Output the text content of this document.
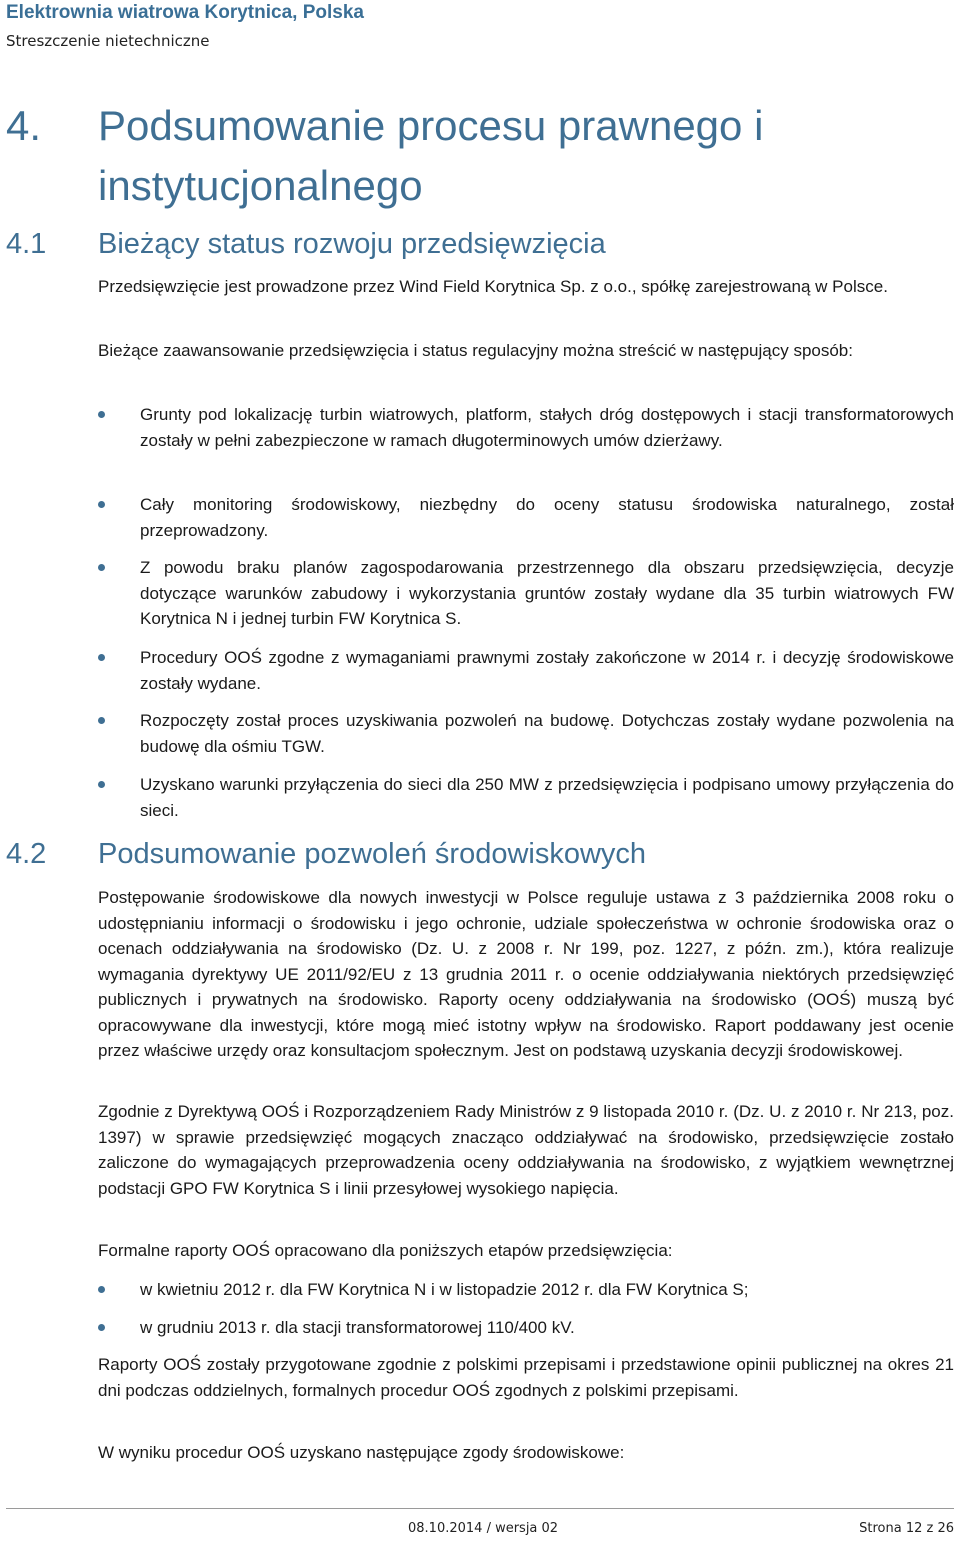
Elektrownia wiatrowa Korytnica, Polska
Streszczenie nietechniczne
4.	Podsumowanie procesu prawnego i instytucjonalnego
4.1	Bieżący status rozwoju przedsięwzięcia
Przedsięwzięcie jest prowadzone przez Wind Field Korytnica Sp. z o.o., spółkę zarejestrowaną w Polsce.
Bieżące zaawansowanie przedsięwzięcia i status regulacyjny można streścić w następujący sposób:
Grunty pod lokalizację turbin wiatrowych, platform, stałych dróg dostępowych i stacji transformatorowych zostały w pełni zabezpieczone w ramach długoterminowych umów dzierżawy.
Cały monitoring środowiskowy, niezbędny do oceny statusu środowiska naturalnego, został przeprowadzony.
Z powodu braku planów zagospodarowania przestrzennego dla obszaru przedsięwzięcia, decyzje dotyczące warunków zabudowy i wykorzystania gruntów zostały wydane dla 35 turbin wiatrowych FW Korytnica N i jednej turbin FW Korytnica S.
Procedury OOŚ zgodne z wymaganiami prawnymi zostały zakończone w 2014 r. i decyzję środowiskowe zostały wydane.
Rozpoczęty został proces uzyskiwania pozwoleń na budowę. Dotychczas zostały wydane pozwolenia na budowę dla ośmiu TGW.
Uzyskano warunki przyłączenia do sieci dla 250 MW z przedsięwzięcia i podpisano umowy przyłączenia do sieci.
4.2	Podsumowanie pozwoleń środowiskowych
Postępowanie środowiskowe dla nowych inwestycji w Polsce reguluje ustawa z 3 października 2008 roku o udostępnianiu informacji o środowisku i jego ochronie, udziale społeczeństwa w ochronie środowiska oraz o ocenach oddziaływania na środowisko (Dz. U. z 2008 r. Nr 199, poz. 1227, z późn. zm.), która realizuje wymagania dyrektywy UE 2011/92/EU z 13 grudnia 2011 r. o ocenie oddziaływania niektórych przedsięwzięć publicznych i prywatnych na środowisko. Raporty oceny oddziaływania na środowisko (OOŚ) muszą być opracowywane dla inwestycji, które mogą mieć istotny wpływ na środowisko. Raport poddawany jest ocenie przez właściwe urzędy oraz konsultacjom społecznym. Jest on podstawą uzyskania decyzji środowiskowej.
Zgodnie z Dyrektywą OOŚ i Rozporządzeniem Rady Ministrów z 9 listopada 2010 r. (Dz. U. z 2010 r. Nr 213, poz. 1397) w sprawie przedsięwzięć mogących znacząco oddziaływać na środowisko, przedsięwzięcie zostało zaliczone do wymagających przeprowadzenia oceny oddziaływania na środowisko, z wyjątkiem wewnętrznej podstacji GPO FW Korytnica S i linii przesyłowej wysokiego napięcia.
Formalne raporty OOŚ opracowano dla poniższych etapów przedsięwzięcia:
w kwietniu 2012 r. dla FW Korytnica N i w listopadzie 2012 r. dla FW Korytnica S;
w grudniu 2013 r. dla stacji transformatorowej 110/400 kV.
Raporty OOŚ zostały przygotowane zgodnie z polskimi przepisami i przedstawione opinii publicznej na okres 21 dni podczas oddzielnych, formalnych procedur OOŚ zgodnych z polskimi przepisami.
W wyniku procedur OOŚ uzyskano następujące zgody środowiskowe:
08.10.2014 / wersja 02	Strona 12 z 26
